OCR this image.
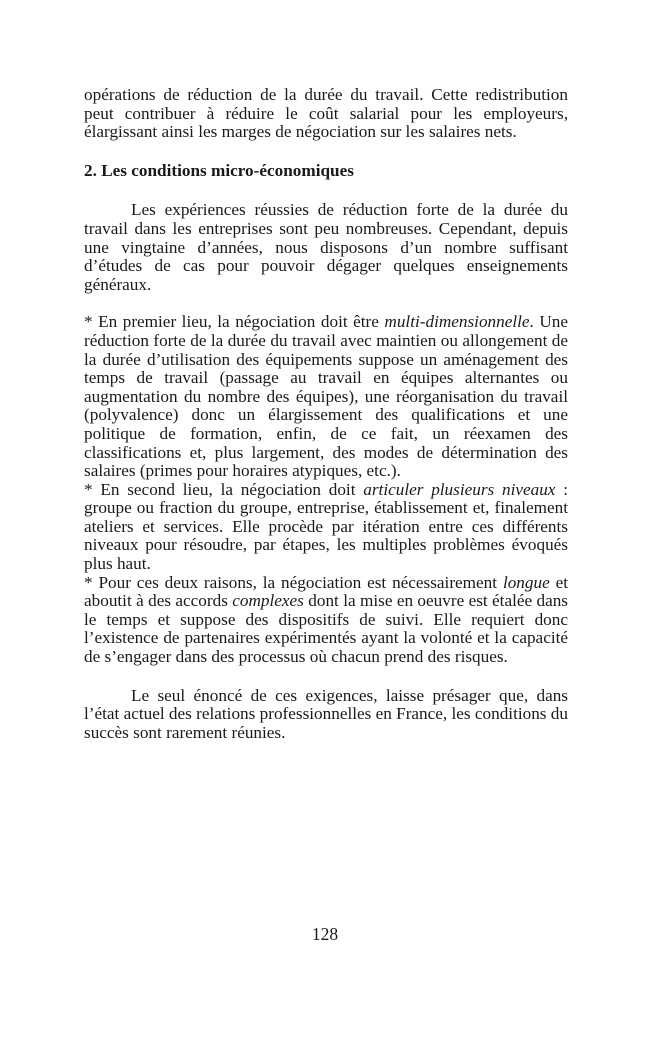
opérations de réduction de la durée du travail. Cette redistribution peut contribuer à réduire le coût salarial pour les employeurs, élargissant ainsi les marges de négociation sur les salaires nets.

2. Les conditions micro-économiques

Les expériences réussies de réduction forte de la durée du travail dans les entreprises sont peu nombreuses. Cependant, depuis une vingtaine d’années, nous disposons d’un nombre suffisant d’études de cas pour pouvoir dégager quelques enseignements généraux.

* En premier lieu, la négociation doit être multi-dimensionnelle. Une réduction forte de la durée du travail avec maintien ou allongement de la durée d’utilisation des équipements suppose un aménagement des temps de travail (passage au travail en équipes alternantes ou augmentation du nombre des équipes), une réorganisation du travail (polyvalence) donc un élargissement des qualifications et une politique de formation, enfin, de ce fait, un réexamen des classifications et, plus largement, des modes de détermination des salaires (primes pour horaires atypiques, etc.).

* En second lieu, la négociation doit articuler plusieurs niveaux : groupe ou fraction du groupe, entreprise, établissement et, finalement ateliers et services. Elle procède par itération entre ces différents niveaux pour résoudre, par étapes, les multiples problèmes évoqués plus haut.

* Pour ces deux raisons, la négociation est nécessairement longue et aboutit à des accords complexes dont la mise en oeuvre est étalée dans le temps et suppose des dispositifs de suivi. Elle requiert donc l’existence de partenaires expérimentés ayant la volonté et la capacité de s’engager dans des processus où chacun prend des risques.

Le seul énoncé de ces exigences, laisse présager que, dans l’état actuel des relations professionnelles en France, les conditions du succès sont rarement réunies.

128
